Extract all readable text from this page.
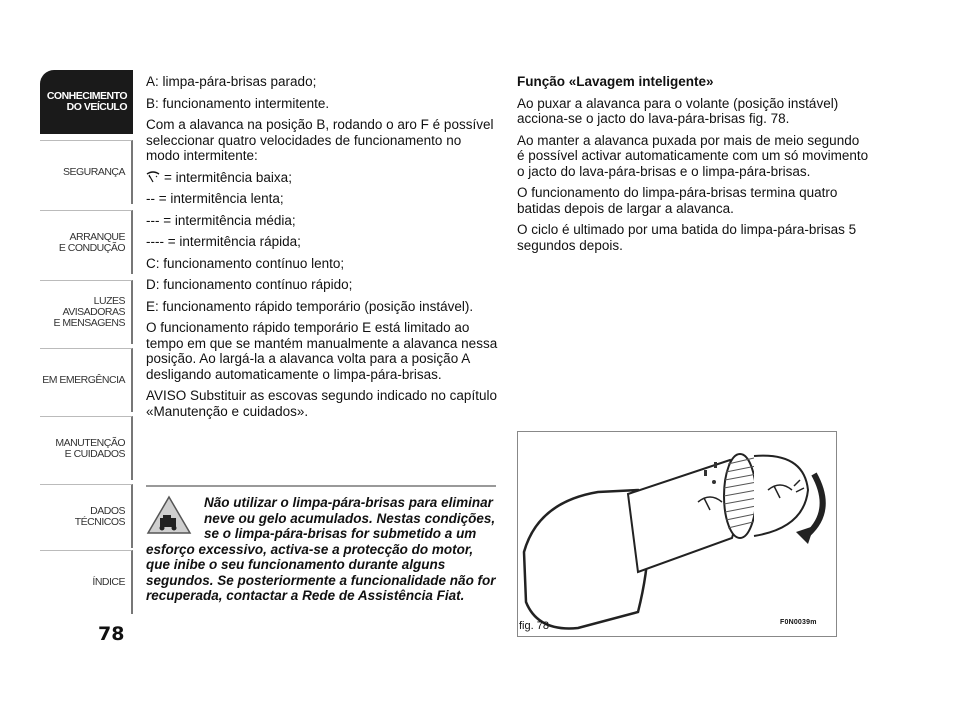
CONHECIMENTO
DO VEÍCULO
SEGURANÇA
ARRANQUE
E CONDUÇÃO
LUZES
AVISADORAS
E MENSAGENS
EM EMERGÊNCIA
MANUTENÇÃO
E CUIDADOS
DADOS
TÉCNICOS
ÍNDICE
78

A: limpa-pára-brisas parado;

B: funcionamento intermitente.

Com a alavanca na posição B, rodando o aro F é possível seleccionar quatro velocidades de funcionamento no modo intermitente:

= intermitência baixa;

-- = intermitência lenta;

--- = intermitência média;

---- = intermitência rápida;

C: funcionamento contínuo lento;

D: funcionamento contínuo rápido;

E: funcionamento rápido temporário (posição instável).

O funcionamento rápido temporário E está limitado ao tempo em que se mantém manualmente a alavanca nessa posição. Ao largá-la a alavanca volta para a posição A desligando automaticamente o limpa-pára-brisas.

AVISO Substituir as escovas segundo indicado no capítulo «Manutenção e cuidados».

Não utilizar o limpa-pára-brisas para eliminar neve ou gelo acumulados. Nestas condições, se o limpa-pára-brisas for submetido a um esforço excessivo, activa-se a protecção do motor, que inibe o seu funcionamento durante alguns segundos. Se posteriormente a funcionalidade não for recuperada, contactar a Rede de Assistência Fiat.

Função «Lavagem inteligente»

Ao puxar a alavanca para o volante (posição instável) acciona-se o jacto do lava-pára-brisas fig. 78.

Ao manter a alavanca puxada por mais de meio segundo é possível activar automaticamente com um só movimento o jacto do lava-pára-brisas e o limpa-pára-brisas.

O funcionamento do limpa-pára-brisas termina quatro batidas depois de largar a alavanca.

O ciclo é ultimado por uma batida do limpa-pára-brisas 5 segundos depois.

fig. 78	F0N0039m
